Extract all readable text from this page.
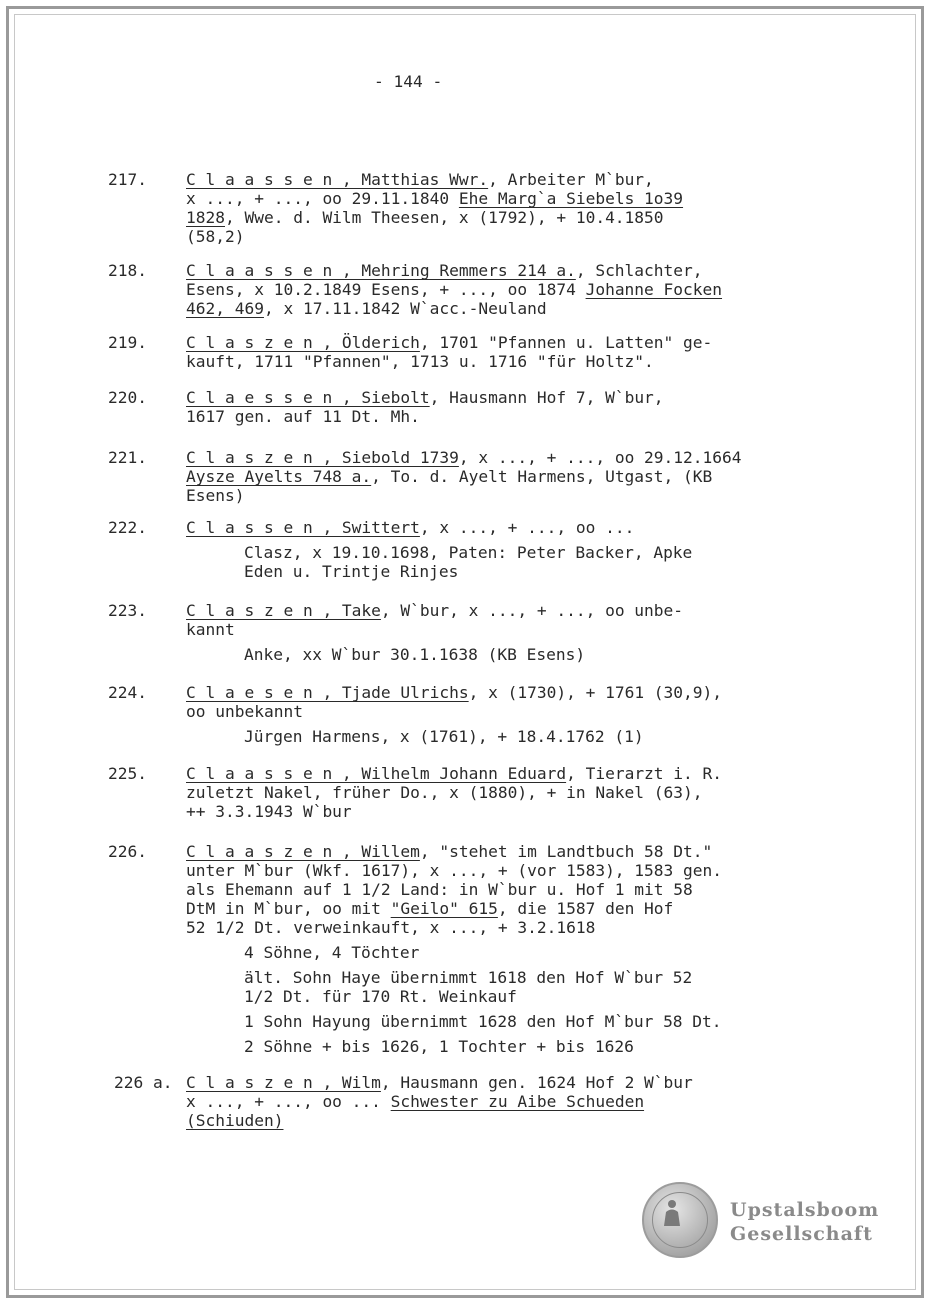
- 144 -
217.	C l a a s s e n , Matthias Wwr., Arbeiter M`bur,
x ..., + ..., oo 29.11.1840 Ehe Marg`a Siebels 1o39
1828, Wwe. d. Wilm Theesen, x (1792), + 10.4.1850
(58,2)
218.	C l a a s s e n , Mehring Remmers 214 a., Schlachter,
Esens, x 10.2.1849 Esens, + ..., oo 1874 Johanne Focken
462, 469, x 17.11.1842 W`acc.-Neuland
219.	C l a s z e n , Ölderich, 1701 "Pfannen u. Latten" ge-
kauft, 1711 "Pfannen", 1713 u. 1716 "für Holtz".
220.	C l a e s s e n , Siebolt, Hausmann Hof 7, W`bur,
1617 gen. auf 11 Dt. Mh.
221.	C l a s z e n , Siebold 1739, x ..., + ..., oo 29.12.1664
Aysze Ayelts 748 a., To. d. Ayelt Harmens, Utgast, (KB
Esens)
222.	C l a s s e n , Swittert, x ..., + ..., oo ...
Clasz, x 19.10.1698, Paten: Peter Backer, Apke
Eden u. Trintje Rinjes
223.	C l a s z e n , Take, W`bur, x ..., + ..., oo unbe-
kannt
Anke, xx W`bur 30.1.1638 (KB Esens)
224.	C l a e s e n , Tjade Ulrichs, x (1730), + 1761 (30,9),
oo unbekannt
Jürgen Harmens, x (1761), + 18.4.1762 (1)
225.	C l a a s s e n , Wilhelm Johann Eduard, Tierarzt i. R.
zuletzt Nakel, früher Do., x (1880), + in Nakel (63),
++ 3.3.1943 W`bur
226.	C l a a s z e n , Willem, "stehet im Landtbuch 58 Dt."
unter M`bur (Wkf. 1617), x ..., + (vor 1583), 1583 gen.
als Ehemann auf 1 1/2 Land: in W`bur u. Hof 1 mit 58
DtM in M`bur, oo mit "Geilo" 615, die 1587 den Hof
52 1/2 Dt. verweinkauft, x ..., + 3.2.1618
4 Söhne, 4 Töchter
ält. Sohn Haye übernimmt 1618 den Hof W`bur 52
1/2 Dt. für 170 Rt. Weinkauf
1 Sohn Hayung übernimmt 1628 den Hof M`bur 58 Dt.
2 Söhne + bis 1626, 1 Tochter + bis 1626
226 a. C l a s z e n , Wilm, Hausmann gen. 1624 Hof 2 W`bur
x ..., + ..., oo ... Schwester zu Aibe Schueden
(Schiuden)
Upstalsboom
Gesellschaft
